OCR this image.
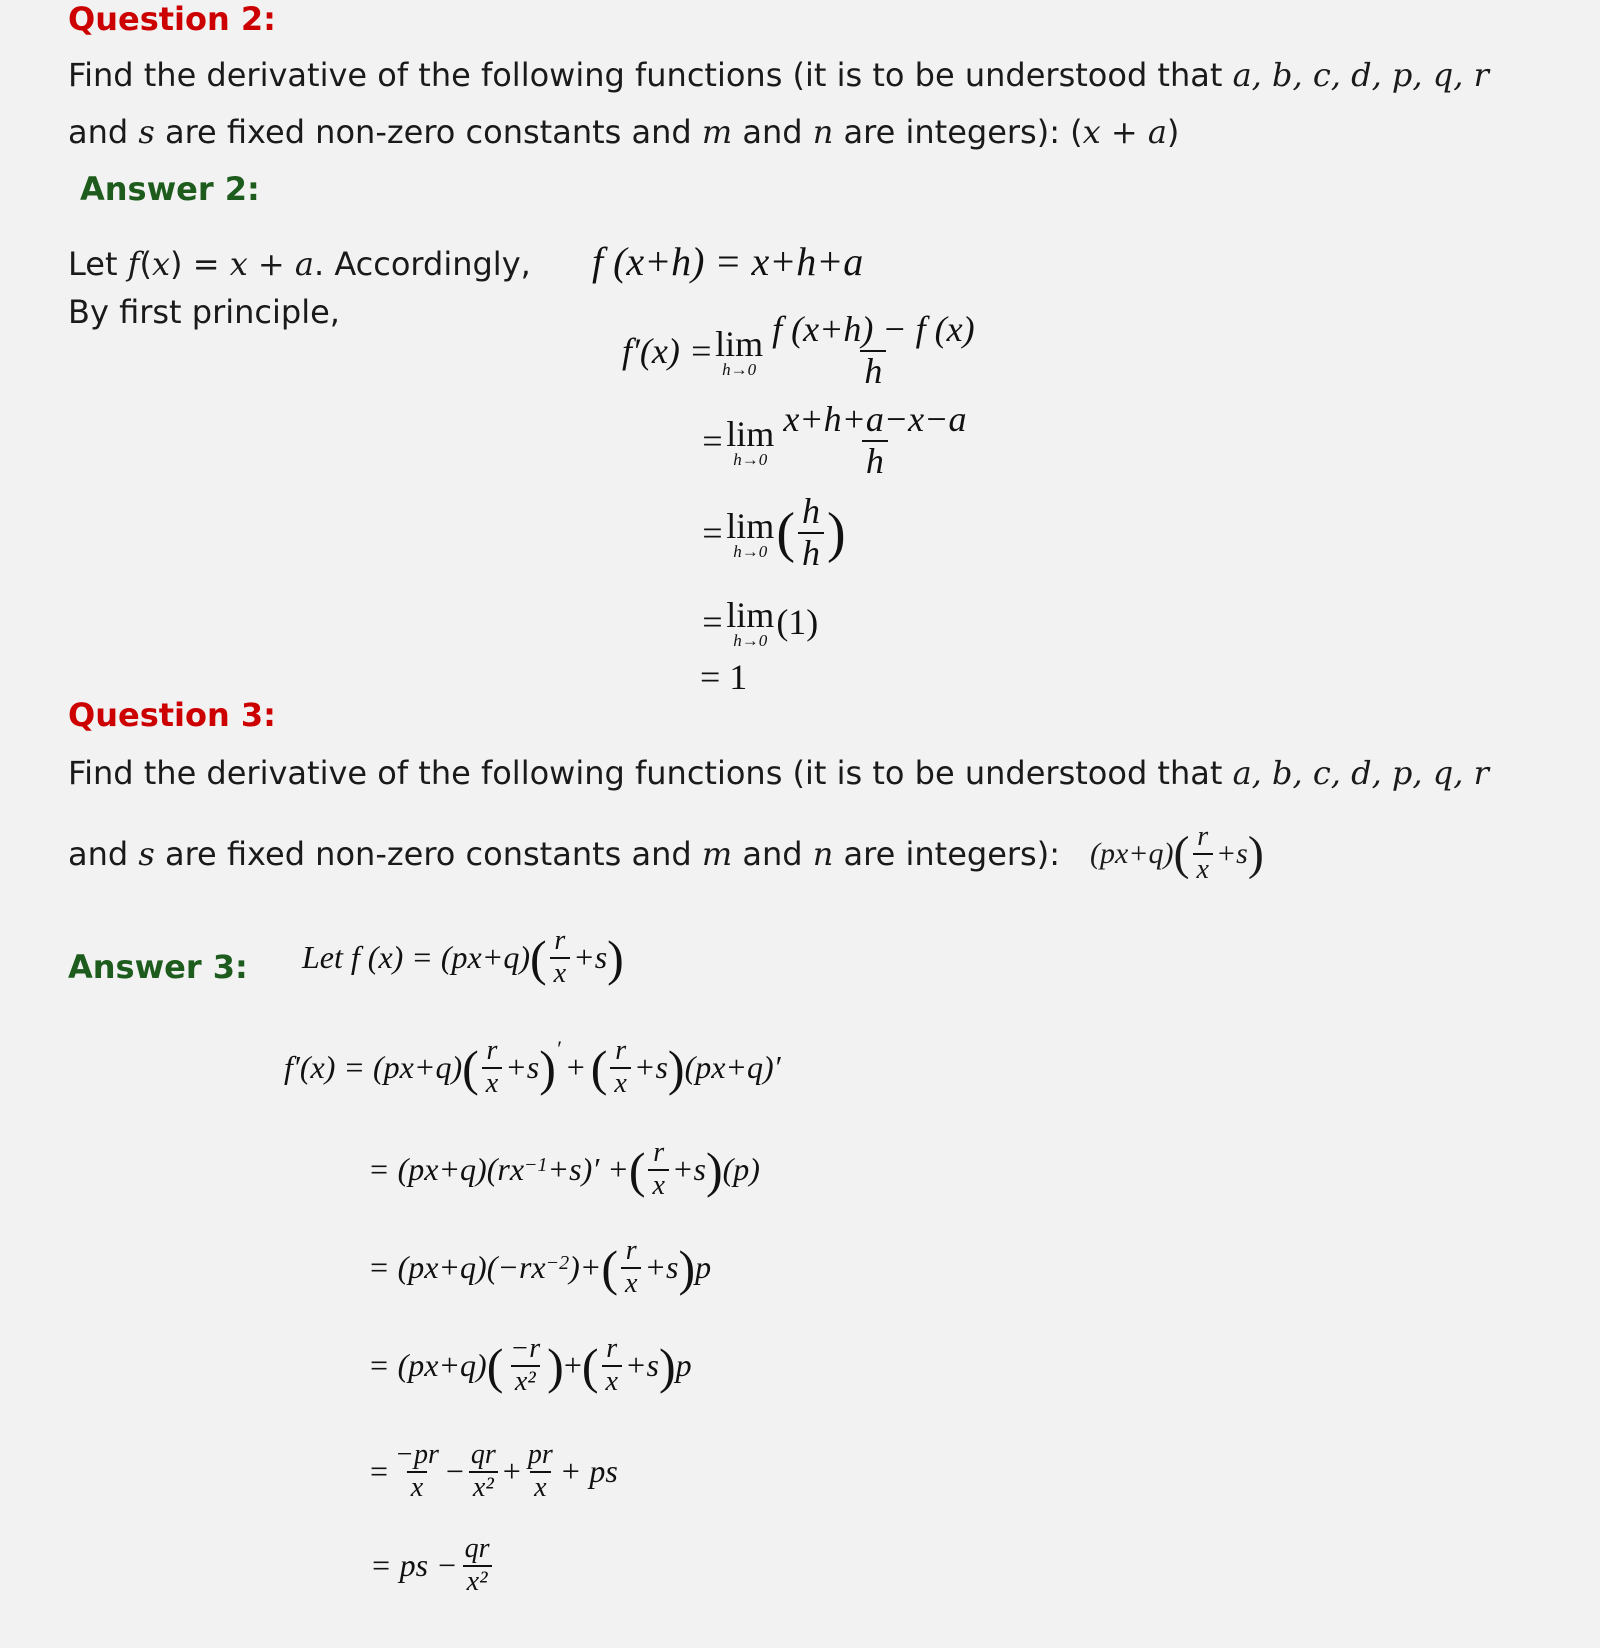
Question 2:
Find the derivative of the following functions (it is to be understood that a, b, c, d, p, q, r
and s are fixed non-zero constants and m and n are integers): (x + a)
Answer 2:
Let f(x) = x + a. Accordingly, f (x+h) = x+h+a
By first principle,
f′(x) = lim
$h\to 0 \frac{f (x+h) - f (x)}{h}$
= lim
$h\to 0 \frac{x+h+a-x-a}{h}$
= lim
h→0 ( $\frac{h}{h}$ )
= lim
h→0 (1)
= 1
Question 3:
Find the derivative of the following functions (it is to be understood that a, b, c, d, p, q, r
and s are fixed non-zero constants and m and n are integers): (px+q) ( $\frac{r}{x} +s$ )
Answer 3: Let f (x) = (px+q) ( $\frac{r}{x} +s$ )
f′(x) = (px+q) ( $\frac{r}{x} +s$ ) ′
+ ( $\frac{r}{x} +s$ ) (px+q)′
= (px+q)(rx −1 +s)′ + ( $\frac{r}{x} +s$ ) (p)
= (px+q)(−rx −2 )+ ( $\frac{r}{x} +s$ ) p
= (px+q) ( $\frac{-r}{\text{x²}}$ ) + ( $\frac{r}{x} +s$ ) p
= $\frac{-pr}{x} - \frac{qr}{\text{x²}} + \frac{pr}{x}$ + ps
= ps − $\frac{qr}{\text{x²}}$
